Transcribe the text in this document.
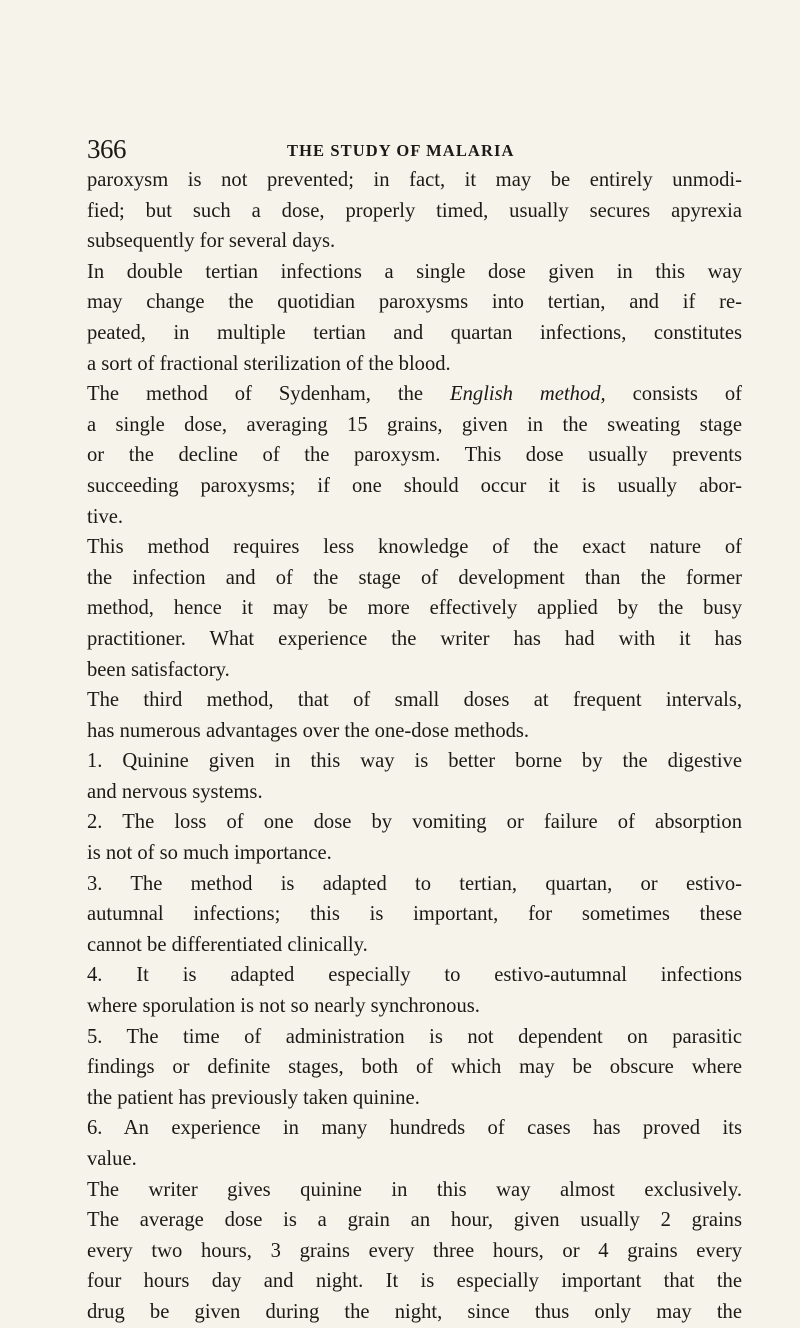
366	THE STUDY OF MALARIA
paroxysm is not prevented; in fact, it may be entirely unmodi-
fied; but such a dose, properly timed, usually secures apyrexia
subsequently for several days.
In double tertian infections a single dose given in this way
may change the quotidian paroxysms into tertian, and if re-
peated, in multiple tertian and quartan infections, constitutes
a sort of fractional sterilization of the blood.
The method of Sydenham, the English method, consists of
a single dose, averaging 15 grains, given in the sweating stage
or the decline of the paroxysm. This dose usually prevents
succeeding paroxysms; if one should occur it is usually abor-
tive.
This method requires less knowledge of the exact nature of
the infection and of the stage of development than the former
method, hence it may be more effectively applied by the busy
practitioner. What experience the writer has had with it has
been satisfactory.
The third method, that of small doses at frequent intervals,
has numerous advantages over the one-dose methods.
1. Quinine given in this way is better borne by the digestive
and nervous systems.
2. The loss of one dose by vomiting or failure of absorption
is not of so much importance.
3. The method is adapted to tertian, quartan, or estivo-
autumnal infections; this is important, for sometimes these
cannot be differentiated clinically.
4. It is adapted especially to estivo-autumnal infections
where sporulation is not so nearly synchronous.
5. The time of administration is not dependent on parasitic
findings or definite stages, both of which may be obscure where
the patient has previously taken quinine.
6. An experience in many hundreds of cases has proved its
value.
The writer gives quinine in this way almost exclusively.
The average dose is a grain an hour, given usually 2 grains
every two hours, 3 grains every three hours, or 4 grains every
four hours day and night. It is especially important that the
drug be given during the night, since thus only may the
